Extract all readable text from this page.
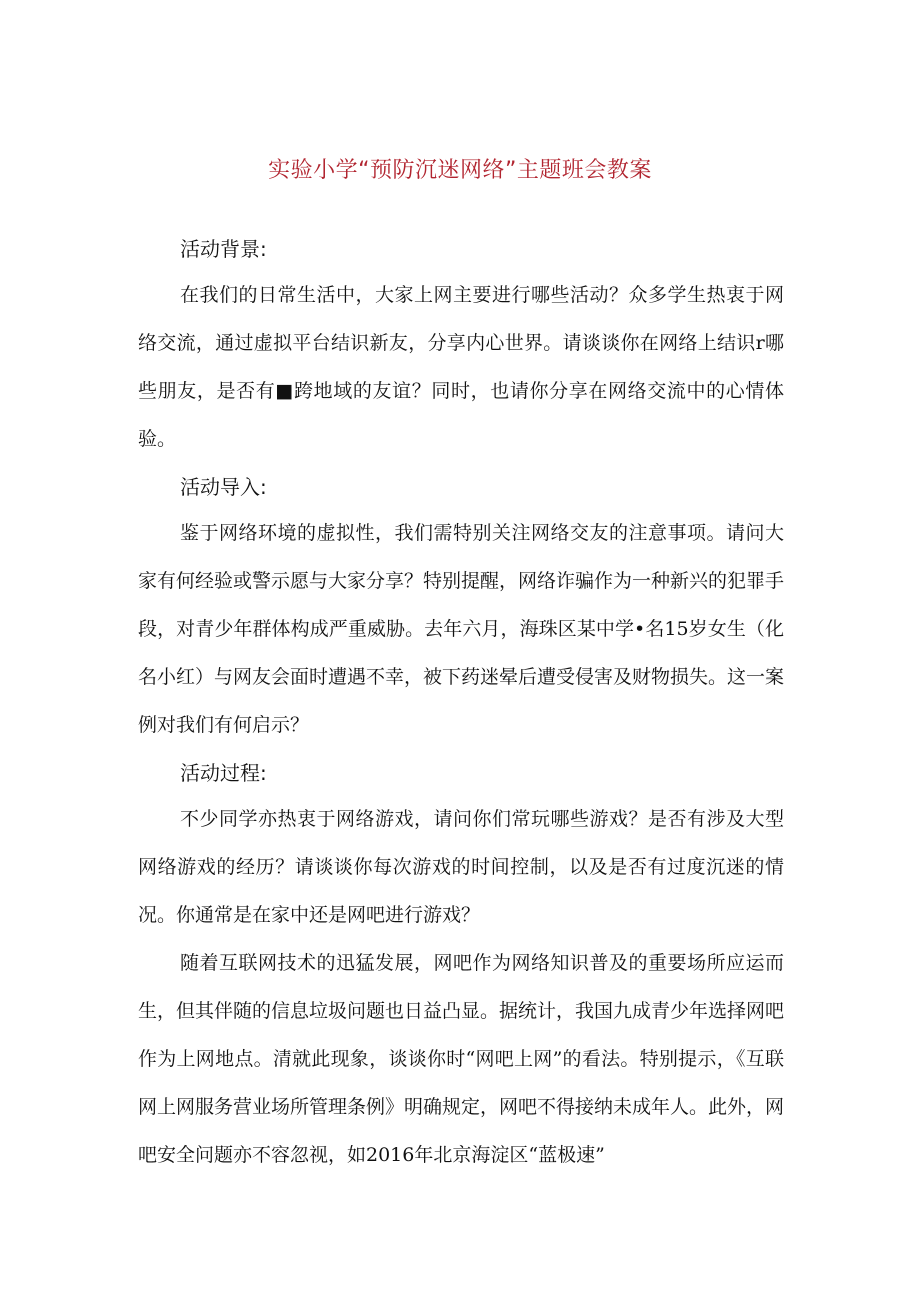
实验小学“预防沉迷网络”主题班会教案

活动背景:

在我们的日常生活中，大家上网主要进行哪些活动？众多学生热衷于网络交流，通过虚拟平台结识新友，分享内心世界。请谈谈你在网络上结识r哪些朋友，是否有■跨地域的友谊？同时，也请你分享在网络交流中的心情体验。

活动导入:

鉴于网络环境的虚拟性，我们需特别关注网络交友的注意事项。请问大家有何经验或警示愿与大家分享？特别提醒，网络诈骗作为一种新兴的犯罪手段，对青少年群体构成严重威胁。去年六月，海珠区某中学•名15岁女生（化名小红）与网友会面时遭遇不幸，被下药迷晕后遭受侵害及财物损失。这一案例对我们有何启示？

活动过程:

不少同学亦热衷于网络游戏，请问你们常玩哪些游戏？是否有涉及大型网络游戏的经历？请谈谈你每次游戏的时间控制，以及是否有过度沉迷的情况。你通常是在家中还是网吧进行游戏？

随着互联网技术的迅猛发展，网吧作为网络知识普及的重要场所应运而生，但其伴随的信息垃圾问题也日益凸显。据统计，我国九成青少年选择网吧作为上网地点。清就此现象，谈谈你时“网吧上网”的看法。特别提示，《互联网上网服务营业场所管理条例》明确规定，网吧不得接纳未成年人。此外，网吧安全问题亦不容忽视，如2016年北京海淀区“蓝极速”
